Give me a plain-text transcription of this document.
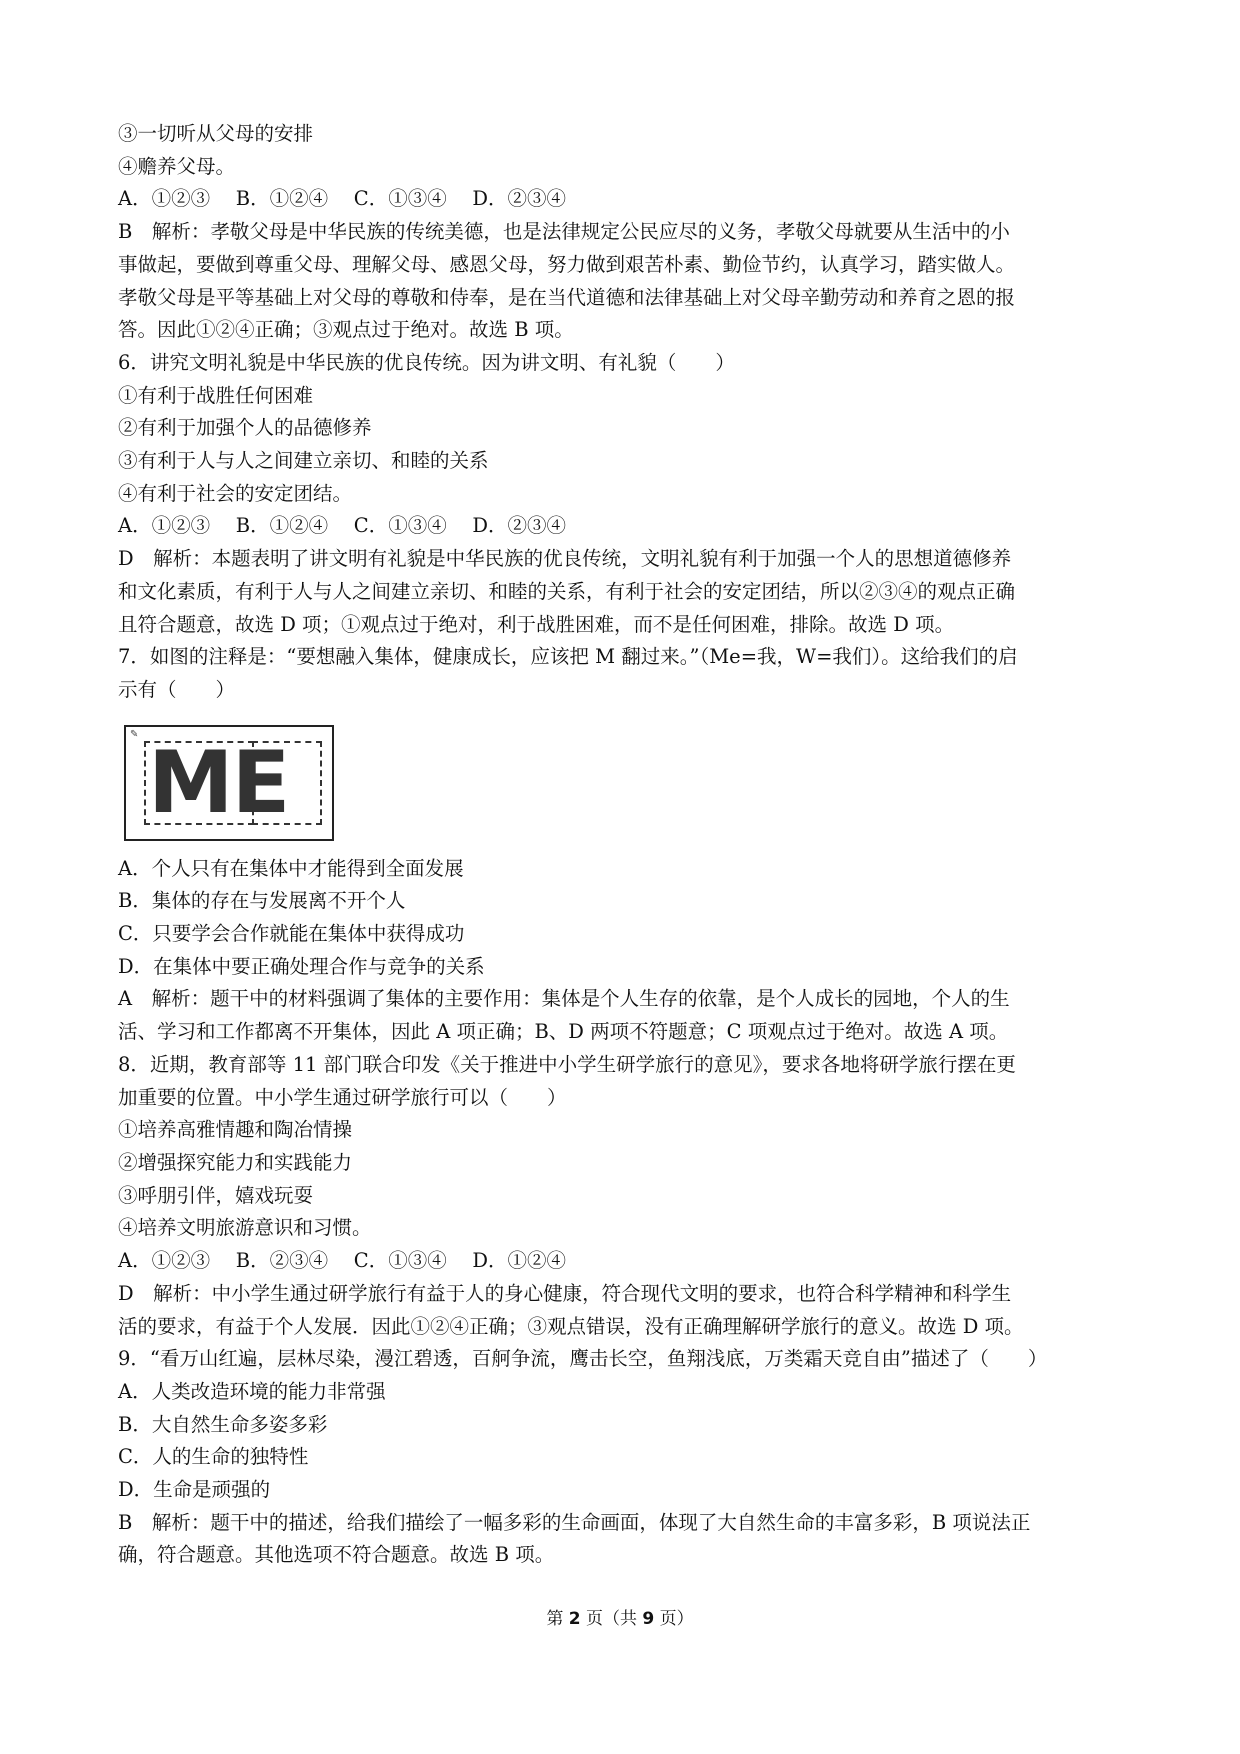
③一切听从父母的安排
④赡养父母。
A．①②③　 B．①②④　 C．①③④　 D．②③④
B　解析：孝敬父母是中华民族的传统美德，也是法律规定公民应尽的义务，孝敬父母就要从生活中的小
事做起，要做到尊重父母、理解父母、感恩父母，努力做到艰苦朴素、勤俭节约，认真学习，踏实做人。
孝敬父母是平等基础上对父母的尊敬和侍奉，是在当代道德和法律基础上对父母辛勤劳动和养育之恩的报
答。因此①②④正确；③观点过于绝对。故选 B 项。
6．讲究文明礼貌是中华民族的优良传统。因为讲文明、有礼貌（　　）
①有利于战胜任何困难
②有利于加强个人的品德修养
③有利于人与人之间建立亲切、和睦的关系
④有利于社会的安定团结。
A．①②③　 B．①②④　 C．①③④　 D．②③④
D　解析：本题表明了讲文明有礼貌是中华民族的优良传统，文明礼貌有利于加强一个人的思想道德修养
和文化素质，有利于人与人之间建立亲切、和睦的关系，有利于社会的安定团结，所以②③④的观点正确
且符合题意，故选 D 项；①观点过于绝对，利于战胜困难，而不是任何困难，排除。故选 D 项。
7．如图的注释是：“要想融入集体，健康成长，应该把 M 翻过来。”（Me=我，W=我们）。这给我们的启
示有（　　）
✎ ME
A．个人只有在集体中才能得到全面发展
B．集体的存在与发展离不开个人
C．只要学会合作就能在集体中获得成功
D．在集体中要正确处理合作与竞争的关系
A　解析：题干中的材料强调了集体的主要作用：集体是个人生存的依靠，是个人成长的园地，个人的生
活、学习和工作都离不开集体，因此 A 项正确；B、D 两项不符题意；C 项观点过于绝对。故选 A 项。
8．近期，教育部等 11 部门联合印发《关于推进中小学生研学旅行的意见》，要求各地将研学旅行摆在更
加重要的位置。中小学生通过研学旅行可以（　　）
①培养高雅情趣和陶冶情操
②增强探究能力和实践能力
③呼朋引伴，嬉戏玩耍
④培养文明旅游意识和习惯。
A．①②③　 B．②③④　 C．①③④　 D．①②④
D　解析：中小学生通过研学旅行有益于人的身心健康，符合现代文明的要求，也符合科学精神和科学生
活的要求，有益于个人发展．因此①②④正确；③观点错误，没有正确理解研学旅行的意义。故选 D 项。
9．“看万山红遍，层林尽染，漫江碧透，百舸争流，鹰击长空，鱼翔浅底，万类霜天竞自由”描述了（　　）
A．人类改造环境的能力非常强
B．大自然生命多姿多彩
C．人的生命的独特性
D．生命是顽强的
B　解析：题干中的描述，给我们描绘了一幅多彩的生命画面，体现了大自然生命的丰富多彩，B 项说法正
确，符合题意。其他选项不符合题意。故选 B 项。
第 2 页（共 9 页）
